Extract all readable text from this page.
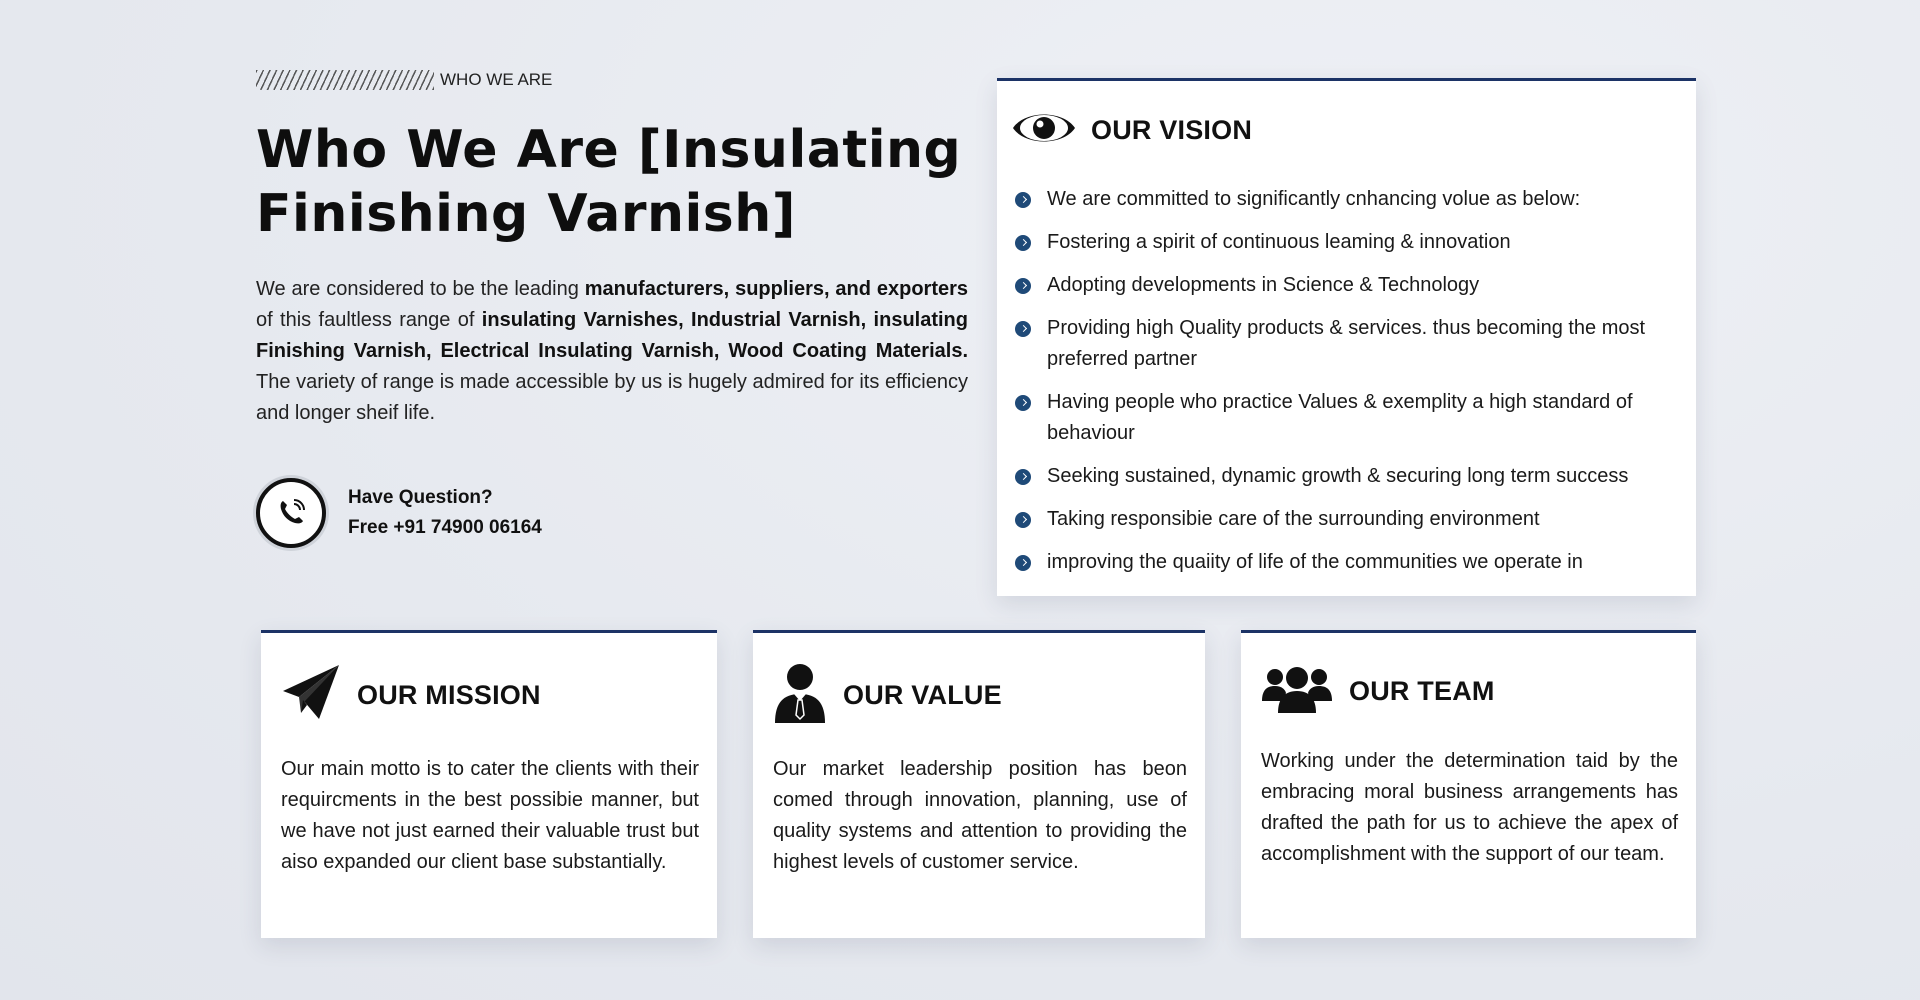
WHO WE ARE
Who We Are [Insulating
Finishing Varnish]

We are considered to be the leading manufacturers, suppliers, and exporters of this faultless range of insulating Varnishes, Industrial Varnish, insulating Finishing Varnish, Electrical Insulating Varnish, Wood Coating Materials. The variety of range is made accessible by us is hugely admired for its efficiency and longer sheif life.

Have Question?
Free +91 74900 06164
OUR VISION
We are committed to significantly cnhancing volue as below:
Fostering a spirit of continuous leaming & innovation
Adopting developments in Science & Technology
Providing high Quality products & services. thus becoming the most preferred partner
Having people who practice Values & exemplity a high standard of behaviour
Seeking sustained, dynamic growth & securing long term success
Taking responsibie care of the surrounding environment
improving the quaiity of life of the communities we operate in
OUR MISSION

Our main motto is to cater the clients with their requircments in the best possibie manner, but we have not just earned their valuable trust but aiso expanded our client base substantially.

OUR VALUE

Our market leadership position has beon comed through innovation, planning, use of quality systems and attention to providing the highest levels of customer service.

OUR TEAM

Working under the determination taid by the embracing moral business arrangements has drafted the path for us to achieve the apex of accomplishment with the support of our team.
